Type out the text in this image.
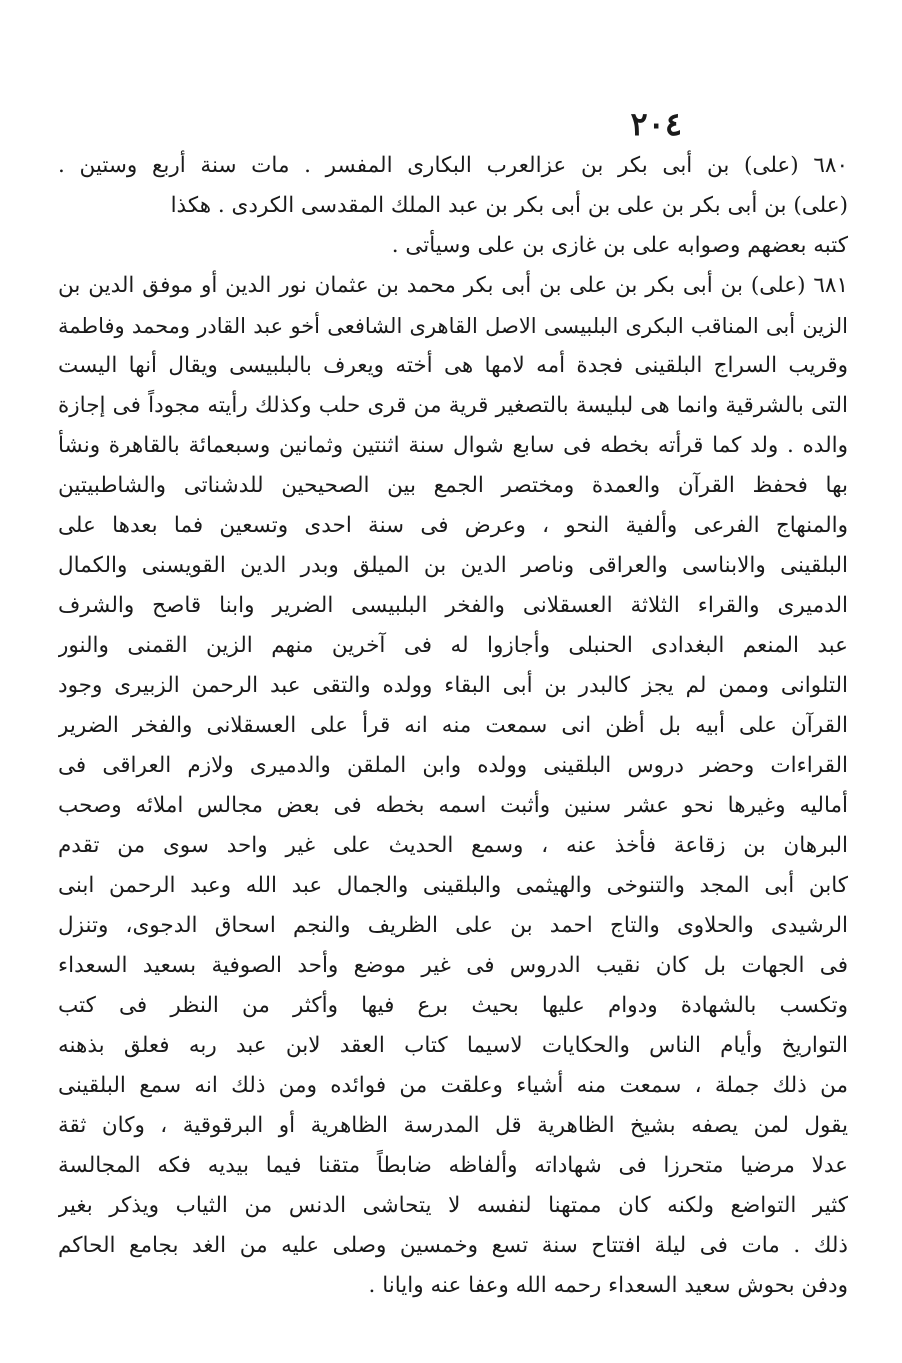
٢٠٤
٦٨٠ (على) بن أبى بكر بن عزالعرب البكارى المفسر . مات سنة أربع وستين .
(على) بن أبى بكر بن على بن أبى بكر بن عبد الملك المقدسى الكردى . هكذا
كتبه بعضهم وصوابه على بن غازى بن على وسيأتى .
٦٨١ (على) بن أبى بكر بن على بن أبى بكر محمد بن عثمان نور الدين أو موفق الدين بن
الزين أبى المناقب البكرى البلبيسى الاصل القاهرى الشافعى أخو عبد القادر ومحمد وفاطمة
وقريب السراج البلقينى فجدة أمه لامها هى أخته ويعرف بالبلبيسى ويقال أنها اليست
التى بالشرقية وانما هى لبليسة بالتصغير قرية من قرى حلب وكذلك رأيته مجوداً فى إجازة
والده . ولد كما قرأته بخطه فى سابع شوال سنة اثنتين وثمانين وسبعمائة بالقاهرة ونشأ
بها فحفظ القرآن والعمدة ومختصر الجمع بين الصحيحين للدشناتى والشاطبيتين
والمنهاج الفرعى وألفية النحو ، وعرض فى سنة احدى وتسعين فما بعدها على
البلقينى والابناسى والعراقى وناصر الدين بن الميلق وبدر الدين القويسنى والكمال
الدميرى والقراء الثلاثة العسقلانى والفخر البلبيسى الضرير وابنا قاصح والشرف
عبد المنعم البغدادى الحنبلى وأجازوا له فى آخرين منهم الزين القمنى والنور
التلوانى وممن لم يجز كالبدر بن أبى البقاء وولده والتقى عبد الرحمن الزبيرى وجود
القرآن على أبيه بل أظن انى سمعت منه انه قرأ على العسقلانى والفخر الضرير
القراءات وحضر دروس البلقينى وولده وابن الملقن والدميرى ولازم العراقى فى
أماليه وغيرها نحو عشر سنين وأثبت اسمه بخطه فى بعض مجالس املائه وصحب
البرهان بن زقاعة فأخذ عنه ، وسمع الحديث على غير واحد سوى من تقدم
كابن أبى المجد والتنوخى والهيثمى والبلقينى والجمال عبد الله وعبد الرحمن ابنى
الرشيدى والحلاوى والتاج احمد بن على الظريف والنجم اسحاق الدجوى، وتنزل
فى الجهات بل كان نقيب الدروس فى غير موضع وأحد الصوفية بسعيد السعداء
وتكسب بالشهادة ودوام عليها بحيث برع فيها وأكثر من النظر فى كتب
التواريخ وأيام الناس والحكايات لاسيما كتاب العقد لابن عبد ربه فعلق بذهنه
من ذلك جملة ، سمعت منه أشياء وعلقت من فوائده ومن ذلك انه سمع البلقينى
يقول لمن يصفه بشيخ الظاهرية قل المدرسة الظاهرية أو البرقوقية ، وكان ثقة
عدلا مرضيا متحرزا فى شهاداته وألفاظه ضابطاً متقنا فيما بيديه فكه المجالسة
كثير التواضع ولكنه كان ممتهنا لنفسه لا يتحاشى الدنس من الثياب ويذكر بغير
ذلك . مات فى ليلة افتتاح سنة تسع وخمسين وصلى عليه من الغد بجامع الحاكم
ودفن بحوش سعيد السعداء رحمه الله وعفا عنه وايانا .
